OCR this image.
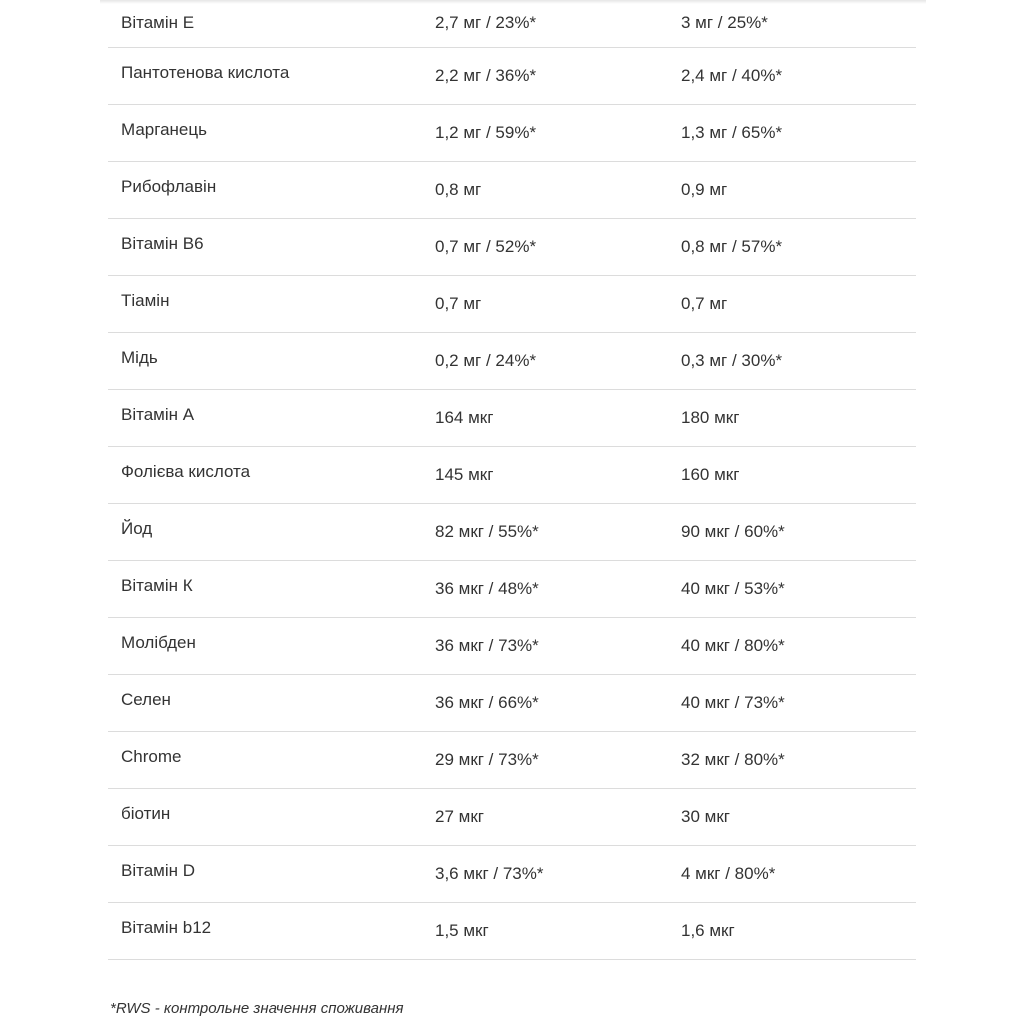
Вітамін Е	2,7 мг / 23%*	3 мг / 25%*
Пантотенова кислота	2,2 мг / 36%*	2,4 мг / 40%*
Марганець	1,2 мг / 59%*	1,3 мг / 65%*
Рибофлавін	0,8 мг	0,9 мг
Вітамін В6	0,7 мг / 52%*	0,8 мг / 57%*
Тіамін	0,7 мг	0,7 мг
Мідь	0,2 мг / 24%*	0,3 мг / 30%*
Вітамін А	164 мкг	180 мкг
Фолієва кислота	145 мкг	160 мкг
Йод	82 мкг / 55%*	90 мкг / 60%*
Вітамін К	36 мкг / 48%*	40 мкг / 53%*
Молібден	36 мкг / 73%*	40 мкг / 80%*
Селен	36 мкг / 66%*	40 мкг / 73%*
Chrome	29 мкг / 73%*	32 мкг / 80%*
біотин	27 мкг	30 мкг
Вітамін D	3,6 мкг / 73%*	4 мкг / 80%*
Вітамін b12	1,5 мкг	1,6 мкг
*RWS - контрольне значення споживання
